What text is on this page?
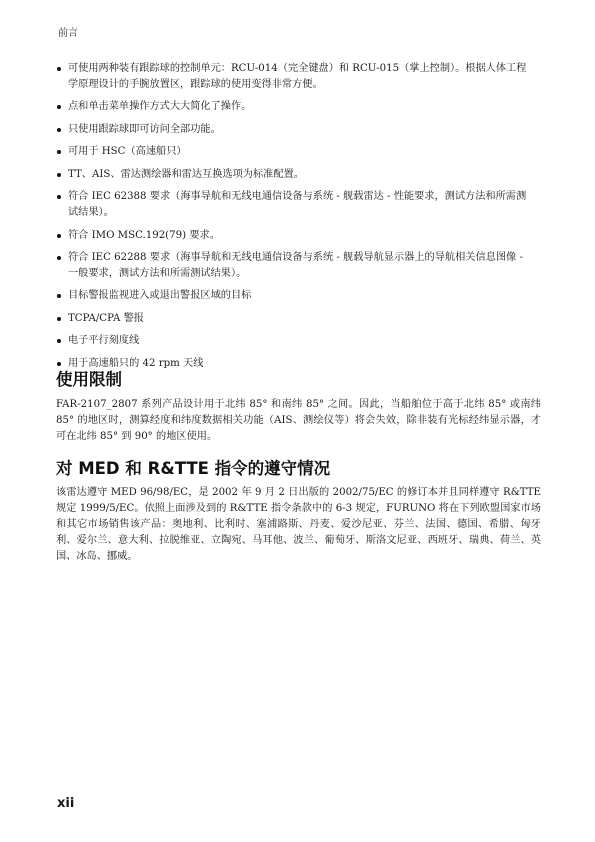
前言
可使用两种装有跟踪球的控制单元：RCU-014（完全键盘）和 RCU-015（掌上控制）。根据人体工程学原理设计的手腕放置区，跟踪球的使用变得非常方便。
点和单击菜单操作方式大大简化了操作。
只使用跟踪球即可访问全部功能。
可用于 HSC（高速船只）
TT、AIS、雷达测绘器和雷达互换选项为标准配置。
符合 IEC 62388 要求（海事导航和无线电通信设备与系统 - 舰载雷达 - 性能要求，测试方法和所需测试结果）。
符合 IMO MSC.192(79) 要求。
符合 IEC 62288 要求（海事导航和无线电通信设备与系统 - 舰载导航显示器上的导航相关信息图像 - 一般要求，测试方法和所需测试结果）。
目标警报监视进入或退出警报区域的目标
TCPA/CPA 警报
电子平行刻度线
用于高速船只的 42 rpm 天线
使用限制

FAR-2107_2807 系列产品设计用于北纬 85° 和南纬 85° 之间。因此，当船舶位于高于北纬 85° 或南纬 85° 的地区时，测算经度和纬度数据相关功能（AIS、测绘仪等）将会失效，除非装有光标经纬显示器，才可在北纬 85° 到 90° 的地区使用。

对 MED 和 R&TTE 指令的遵守情况

该雷达遵守 MED 96/98/EC，是 2002 年 9 月 2 日出版的 2002/75/EC 的修订本并且同样遵守 R&TTE 规定 1999/5/EC。依照上面涉及到的 R&TTE 指令条款中的 6-3 规定，FURUNO 将在下列欧盟国家市场和其它市场销售该产品：奥地利、比利时、塞浦路斯、丹麦、爱沙尼亚、芬兰、法国、德国、希腊、匈牙利、爱尔兰、意大利、拉脱维亚、立陶宛、马耳他、波兰、葡萄牙、斯洛文尼亚、西班牙、瑞典、荷兰、英国、冰岛、挪威。

xii
